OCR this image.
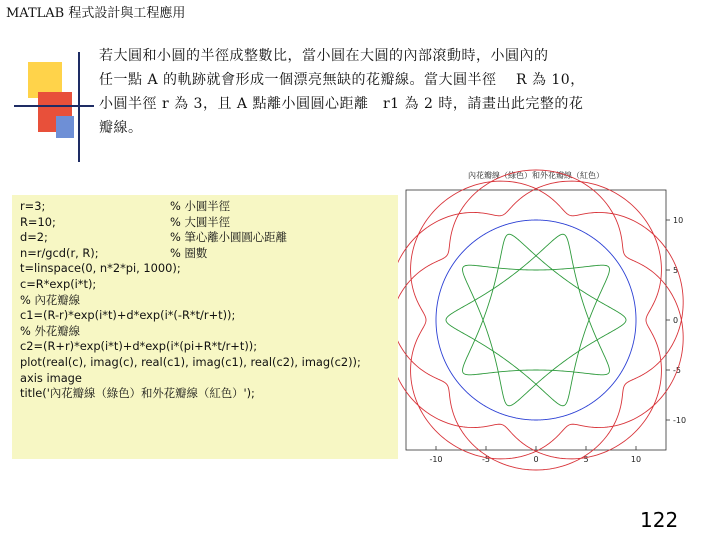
MATLAB 程式設計與工程應用
若大圓和小圓的半徑成整數比，當小圓在大圓的內部滾動時，小圓內的
任一點 A 的軌跡就會形成一個漂亮無缺的花瓣線。當大圓半徑　 R 為 10，
小圓半徑 r 為 3，且 A 點離小圓圓心距離　r1 為 2 時，請畫出此完整的花
瓣線。
r=3;	% 小圓半徑
R=10;	% 大圓半徑
d=2;	% 筆心離小圓圓心距離
n=r/gcd(r, R);	% 圈數
t=linspace(0, n*2*pi, 1000);
c=R*exp(i*t);
% 內花瓣線
c1=(R-r)*exp(i*t)+d*exp(i*(-R*t/r+t));
% 外花瓣線
c2=(R+r)*exp(i*t)+d*exp(i*(pi+R*t/r+t));
plot(real(c), imag(c), real(c1), imag(c1), real(c2), imag(c2));
axis image
title('內花瓣線（綠色）和外花瓣線（紅色）');
內花瓣線（綠色）和外花瓣線（紅色）
10
5
0
-5
-10
-10	-5	0	5	10
122
